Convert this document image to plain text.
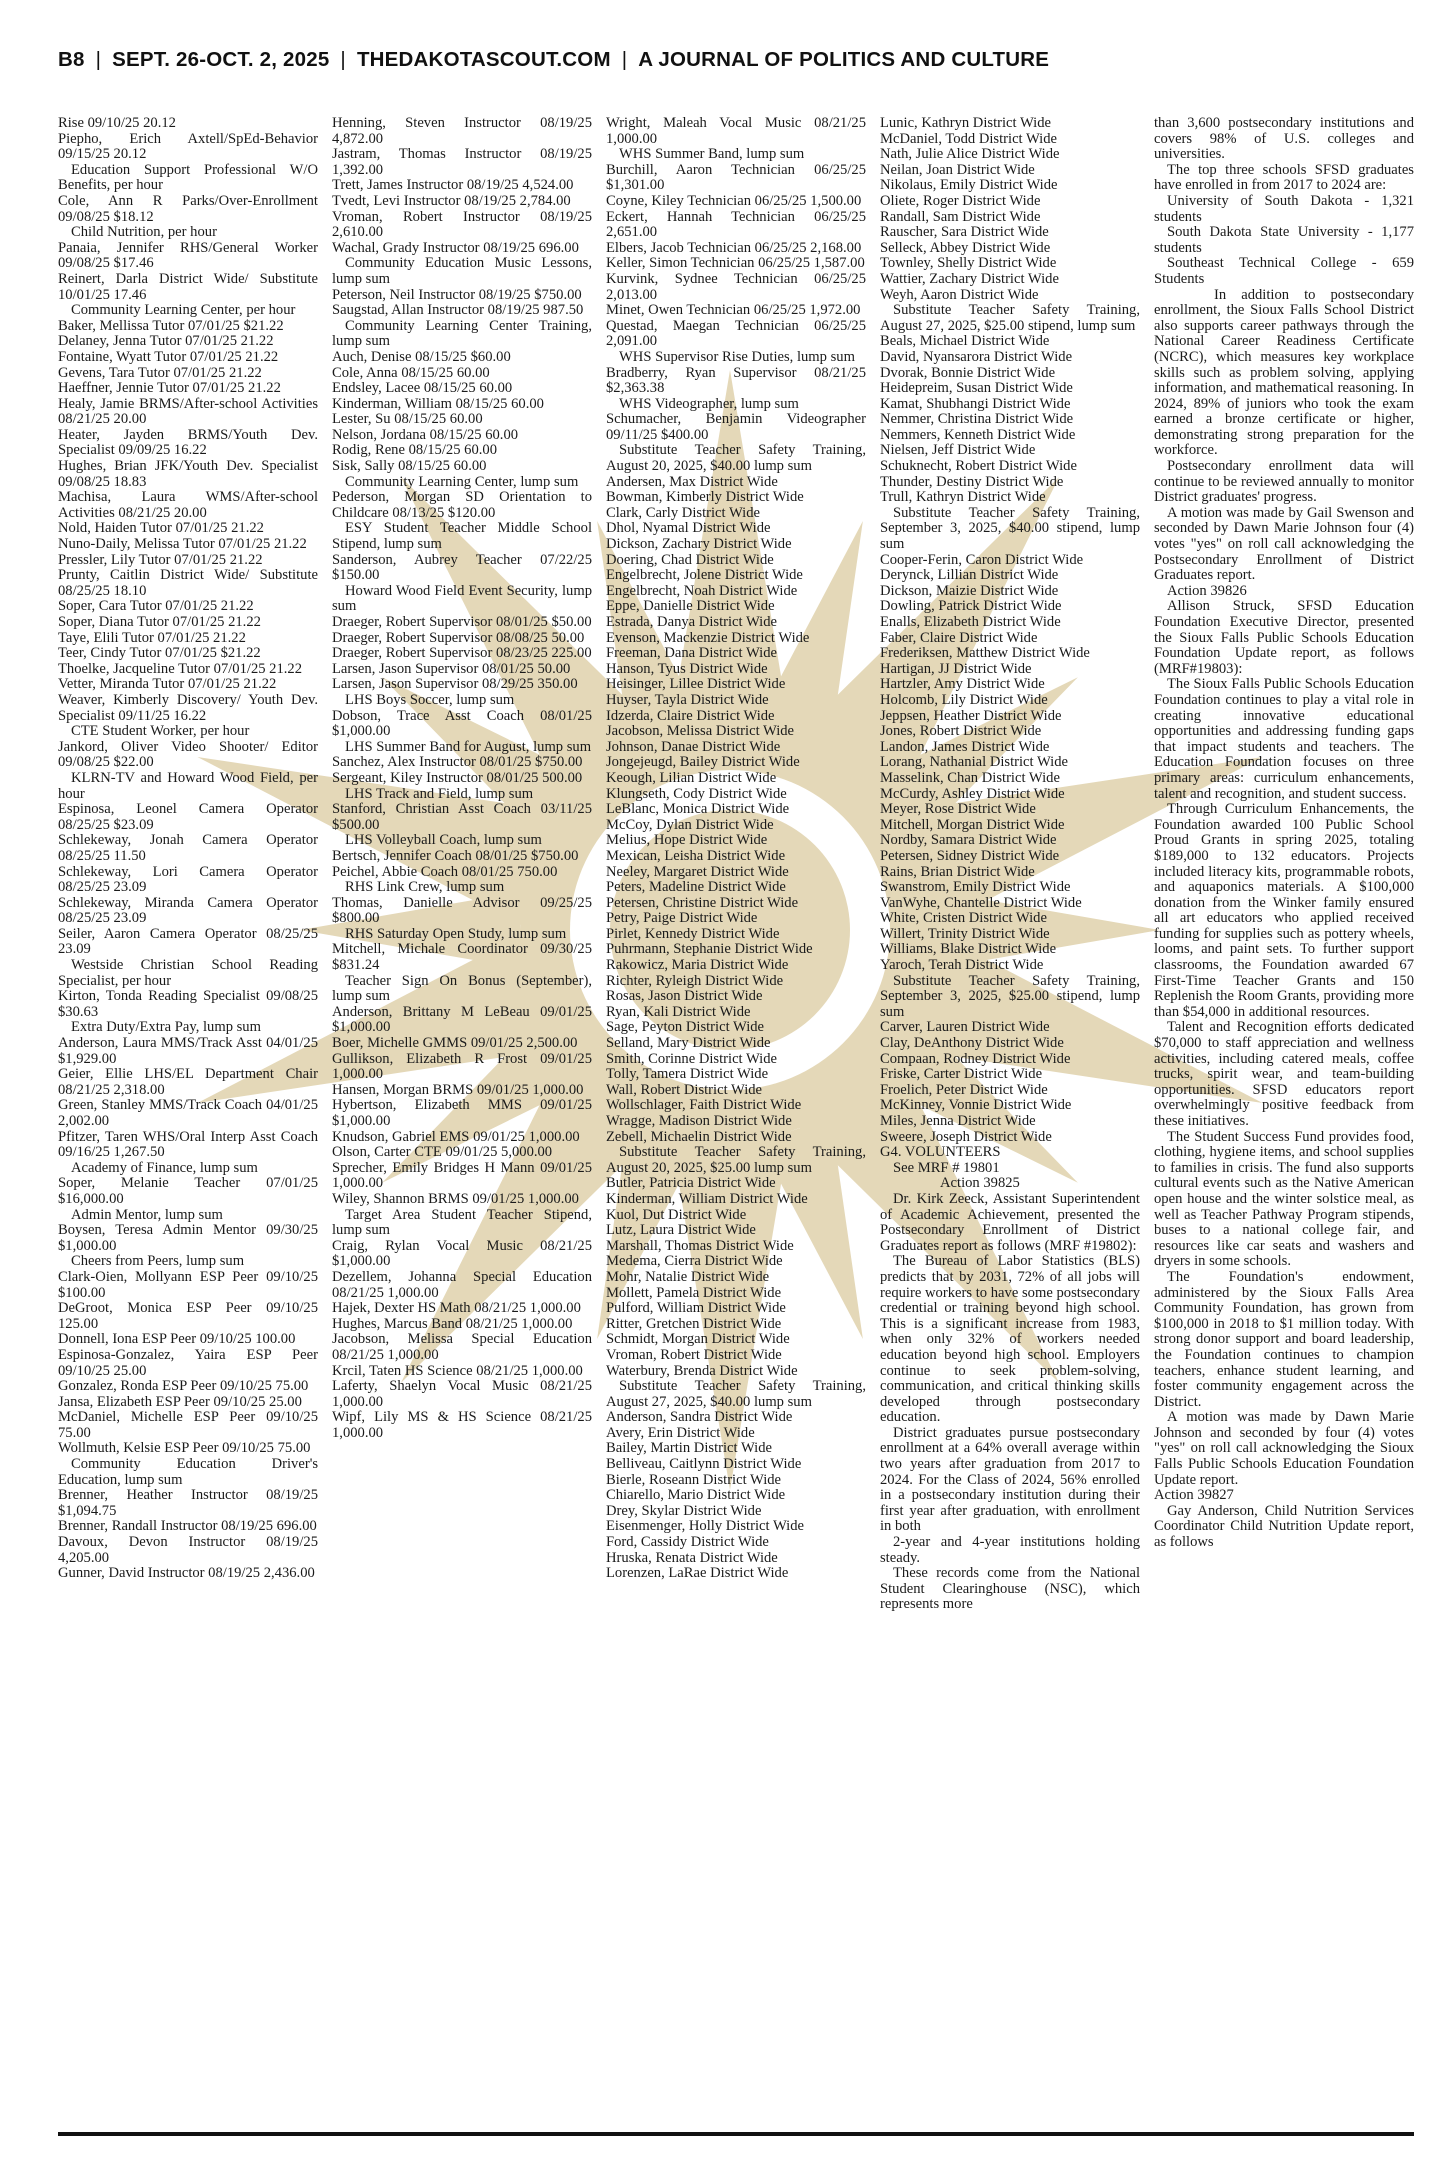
B8 | SEPT. 26-OCT. 2, 2025 | THEDAKOTASCOUT.COM | A JOURNAL OF POLITICS AND CULTURE

Rise 09/10/25 20.12

Piepho, Erich Axtell/SpEd-Behavior 09/15/25 20.12

Education Support Professional W/O Benefits, per hour

Cole, Ann R Parks/Over-Enrollment 09/08/25 $18.12

Child Nutrition, per hour

Panaia, Jennifer RHS/General Worker 09/08/25 $17.46

Reinert, Darla District Wide/ Substitute 10/01/25 17.46

Community Learning Center, per hour

Baker, Mellissa Tutor 07/01/25 $21.22

Delaney, Jenna Tutor 07/01/25 21.22

Fontaine, Wyatt Tutor 07/01/25 21.22

Gevens, Tara Tutor 07/01/25 21.22

Haeffner, Jennie Tutor 07/01/25 21.22

Healy, Jamie BRMS/After-school Activities 08/21/25 20.00

Heater, Jayden BRMS/Youth Dev. Specialist 09/09/25 16.22

Hughes, Brian JFK/Youth Dev. Specialist 09/08/25 18.83

Machisa, Laura WMS/After-school Activities 08/21/25 20.00

Nold, Haiden Tutor 07/01/25 21.22

Nuno-Daily, Melissa Tutor 07/01/25 21.22

Pressler, Lily Tutor 07/01/25 21.22

Prunty, Caitlin District Wide/ Substitute 08/25/25 18.10

Soper, Cara Tutor 07/01/25 21.22

Soper, Diana Tutor 07/01/25 21.22

Taye, Elili Tutor 07/01/25 21.22

Teer, Cindy Tutor 07/01/25 $21.22

Thoelke, Jacqueline Tutor 07/01/25 21.22

Vetter, Miranda Tutor 07/01/25 21.22

Weaver, Kimberly Discovery/ Youth Dev. Specialist 09/11/25 16.22

CTE Student Worker, per hour

Jankord, Oliver Video Shooter/ Editor 09/08/25 $22.00

KLRN-TV and Howard Wood Field, per hour

Espinosa, Leonel Camera Operator 08/25/25 $23.09

Schlekeway, Jonah Camera Operator 08/25/25 11.50

Schlekeway, Lori Camera Operator 08/25/25 23.09

Schlekeway, Miranda Camera Operator 08/25/25 23.09

Seiler, Aaron Camera Operator 08/25/25 23.09

Westside Christian School Reading Specialist, per hour

Kirton, Tonda Reading Specialist 09/08/25 $30.63

Extra Duty/Extra Pay, lump sum

Anderson, Laura MMS/Track Asst 04/01/25 $1,929.00

Geier, Ellie LHS/EL Department Chair 08/21/25 2,318.00

Green, Stanley MMS/Track Coach 04/01/25 2,002.00

Pfitzer, Taren WHS/Oral Interp Asst Coach 09/16/25 1,267.50

Academy of Finance, lump sum

Soper, Melanie Teacher 07/01/25 $16,000.00

Admin Mentor, lump sum

Boysen, Teresa Admin Mentor 09/30/25 $1,000.00

Cheers from Peers, lump sum

Clark-Oien, Mollyann ESP Peer 09/10/25 $100.00

DeGroot, Monica ESP Peer 09/10/25 125.00

Donnell, Iona ESP Peer 09/10/25 100.00

Espinosa-Gonzalez, Yaira ESP Peer 09/10/25 25.00

Gonzalez, Ronda ESP Peer 09/10/25 75.00

Jansa, Elizabeth ESP Peer 09/10/25 25.00

McDaniel, Michelle ESP Peer 09/10/25 75.00

Wollmuth, Kelsie ESP Peer 09/10/25 75.00

Community Education Driver's Education, lump sum

Brenner, Heather Instructor 08/19/25 $1,094.75

Brenner, Randall Instructor 08/19/25 696.00

Davoux, Devon Instructor 08/19/25 4,205.00

Gunner, David Instructor 08/19/25 2,436.00

Henning, Steven Instructor 08/19/25 4,872.00

Jastram, Thomas Instructor 08/19/25 1,392.00

Trett, James Instructor 08/19/25 4,524.00

Tvedt, Levi Instructor 08/19/25 2,784.00

Vroman, Robert Instructor 08/19/25 2,610.00

Wachal, Grady Instructor 08/19/25 696.00

Community Education Music Lessons, lump sum

Peterson, Neil Instructor 08/19/25 $750.00

Saugstad, Allan Instructor 08/19/25 987.50

Community Learning Center Training, lump sum

Auch, Denise 08/15/25 $60.00

Cole, Anna 08/15/25 60.00

Endsley, Lacee 08/15/25 60.00

Kinderman, William 08/15/25 60.00

Lester, Su 08/15/25 60.00

Nelson, Jordana 08/15/25 60.00

Rodig, Rene 08/15/25 60.00

Sisk, Sally 08/15/25 60.00

Community Learning Center, lump sum

Pederson, Morgan SD Orientation to Childcare 08/13/25 $120.00

ESY Student Teacher Middle School Stipend, lump sum

Sanderson, Aubrey Teacher 07/22/25 $150.00

Howard Wood Field Event Security, lump sum

Draeger, Robert Supervisor 08/01/25 $50.00

Draeger, Robert Supervisor 08/08/25 50.00

Draeger, Robert Supervisor 08/23/25 225.00

Larsen, Jason Supervisor 08/01/25 50.00

Larsen, Jason Supervisor 08/29/25 350.00

LHS Boys Soccer, lump sum

Dobson, Trace Asst Coach 08/01/25 $1,000.00

LHS Summer Band for August, lump sum

Sanchez, Alex Instructor 08/01/25 $750.00

Sergeant, Kiley Instructor 08/01/25 500.00

LHS Track and Field, lump sum

Stanford, Christian Asst Coach 03/11/25 $500.00

LHS Volleyball Coach, lump sum

Bertsch, Jennifer Coach 08/01/25 $750.00

Peichel, Abbie Coach 08/01/25 750.00

RHS Link Crew, lump sum

Thomas, Danielle Advisor 09/25/25 $800.00

RHS Saturday Open Study, lump sum

Mitchell, Michale Coordinator 09/30/25 $831.24

Teacher Sign On Bonus (September), lump sum

Anderson, Brittany M LeBeau 09/01/25 $1,000.00

Boer, Michelle GMMS 09/01/25 2,500.00

Gullikson, Elizabeth R Frost 09/01/25 1,000.00

Hansen, Morgan BRMS 09/01/25 1,000.00

Hybertson, Elizabeth MMS 09/01/25 $1,000.00

Knudson, Gabriel EMS 09/01/25 1,000.00

Olson, Carter CTE 09/01/25 5,000.00

Sprecher, Emily Bridges H Mann 09/01/25 1,000.00

Wiley, Shannon BRMS 09/01/25 1,000.00

Target Area Student Teacher Stipend, lump sum

Craig, Rylan Vocal Music 08/21/25 $1,000.00

Dezellem, Johanna Special Education 08/21/25 1,000.00

Hajek, Dexter HS Math 08/21/25 1,000.00

Hughes, Marcus Band 08/21/25 1,000.00

Jacobson, Melissa Special Education 08/21/25 1,000.00

Krcil, Taten HS Science 08/21/25 1,000.00

Laferty, Shaelyn Vocal Music 08/21/25 1,000.00

Wipf, Lily MS & HS Science 08/21/25 1,000.00

Wright, Maleah Vocal Music 08/21/25 1,000.00

WHS Summer Band, lump sum

Burchill, Aaron Technician 06/25/25 $1,301.00

Coyne, Kiley Technician 06/25/25 1,500.00

Eckert, Hannah Technician 06/25/25 2,651.00

Elbers, Jacob Technician 06/25/25 2,168.00

Keller, Simon Technician 06/25/25 1,587.00

Kurvink, Sydnee Technician 06/25/25 2,013.00

Minet, Owen Technician 06/25/25 1,972.00

Questad, Maegan Technician 06/25/25 2,091.00

WHS Supervisor Rise Duties, lump sum

Bradberry, Ryan Supervisor 08/21/25 $2,363.38

WHS Videographer, lump sum

Schumacher, Benjamin Videographer 09/11/25 $400.00

Substitute Teacher Safety Training, August 20, 2025, $40.00 lump sum

Andersen, Max District Wide

Bowman, Kimberly District Wide

Clark, Carly District Wide

Dhol, Nyamal District Wide

Dickson, Zachary District Wide

Doering, Chad District Wide

Engelbrecht, Jolene District Wide

Engelbrecht, Noah District Wide

Eppe, Danielle District Wide

Estrada, Danya District Wide

Evenson, Mackenzie District Wide

Freeman, Dana District Wide

Hanson, Tyus District Wide

Heisinger, Lillee District Wide

Huyser, Tayla District Wide

Idzerda, Claire District Wide

Jacobson, Melissa District Wide

Johnson, Danae District Wide

Jongejeugd, Bailey District Wide

Keough, Lilian District Wide

Klungseth, Cody District Wide

LeBlanc, Monica District Wide

McCoy, Dylan District Wide

Melius, Hope District Wide

Mexican, Leisha District Wide

Neeley, Margaret District Wide

Peters, Madeline District Wide

Petersen, Christine District Wide

Petry, Paige District Wide

Pirlet, Kennedy District Wide

Puhrmann, Stephanie District Wide

Rakowicz, Maria District Wide

Richter, Ryleigh District Wide

Rosas, Jason District Wide

Ryan, Kali District Wide

Sage, Peyton District Wide

Selland, Mary District Wide

Smith, Corinne District Wide

Tolly, Tamera District Wide

Wall, Robert District Wide

Wollschlager, Faith District Wide

Wragge, Madison District Wide

Zebell, Michaelin District Wide

Substitute Teacher Safety Training, August 20, 2025, $25.00 lump sum

Butler, Patricia District Wide

Kinderman, William District Wide

Kuol, Dut District Wide

Lutz, Laura District Wide

Marshall, Thomas District Wide

Medema, Cierra District Wide

Mohr, Natalie District Wide

Mollett, Pamela District Wide

Pulford, William District Wide

Ritter, Gretchen District Wide

Schmidt, Morgan District Wide

Vroman, Robert District Wide

Waterbury, Brenda District Wide

Substitute Teacher Safety Training, August 27, 2025, $40.00 lump sum

Anderson, Sandra District Wide

Avery, Erin District Wide

Bailey, Martin District Wide

Belliveau, Caitlynn District Wide

Bierle, Roseann District Wide

Chiarello, Mario District Wide

Drey, Skylar District Wide

Eisenmenger, Holly District Wide

Ford, Cassidy District Wide

Hruska, Renata District Wide

Lorenzen, LaRae District Wide

Lunic, Kathryn District Wide

McDaniel, Todd District Wide

Nath, Julie Alice District Wide

Neilan, Joan District Wide

Nikolaus, Emily District Wide

Oliete, Roger District Wide

Randall, Sam District Wide

Rauscher, Sara District Wide

Selleck, Abbey District Wide

Townley, Shelly District Wide

Wattier, Zachary District Wide

Weyh, Aaron District Wide

Substitute Teacher Safety Training, August 27, 2025, $25.00 stipend, lump sum

Beals, Michael District Wide

David, Nyansarora District Wide

Dvorak, Bonnie District Wide

Heidepreim, Susan District Wide

Kamat, Shubhangi District Wide

Nemmer, Christina District Wide

Nemmers, Kenneth District Wide

Nielsen, Jeff District Wide

Schuknecht, Robert District Wide

Thunder, Destiny District Wide

Trull, Kathryn District Wide

Substitute Teacher Safety Training, September 3, 2025, $40.00 stipend, lump sum

Cooper-Ferin, Caron District Wide

Derynck, Lillian District Wide

Dickson, Maizie District Wide

Dowling, Patrick District Wide

Enalls, Elizabeth District Wide

Faber, Claire District Wide

Frederiksen, Matthew District Wide

Hartigan, JJ District Wide

Hartzler, Amy District Wide

Holcomb, Lily District Wide

Jeppsen, Heather District Wide

Jones, Robert District Wide

Landon, James District Wide

Lorang, Nathanial District Wide

Masselink, Chan District Wide

McCurdy, Ashley District Wide

Meyer, Rose District Wide

Mitchell, Morgan District Wide

Nordby, Samara District Wide

Petersen, Sidney District Wide

Rains, Brian District Wide

Swanstrom, Emily District Wide

VanWyhe, Chantelle District Wide

White, Cristen District Wide

Willert, Trinity District Wide

Williams, Blake District Wide

Yaroch, Terah District Wide

Substitute Teacher Safety Training, September 3, 2025, $25.00 stipend, lump sum

Carver, Lauren District Wide

Clay, DeAnthony District Wide

Compaan, Rodney District Wide

Friske, Carter District Wide

Froelich, Peter District Wide

McKinney, Vonnie District Wide

Miles, Jenna District Wide

Sweere, Joseph District Wide

G4. VOLUNTEERS

See MRF # 19801

Action 39825

Dr. Kirk Zeeck, Assistant Superintendent of Academic Achievement, presented the Postsecondary Enrollment of District Graduates report as follows (MRF #19802):

The Bureau of Labor Statistics (BLS) predicts that by 2031, 72% of all jobs will require workers to have some postsecondary credential or training beyond high school. This is a significant increase from 1983, when only 32% of workers needed education beyond high school. Employers continue to seek problem-solving, communication, and critical thinking skills developed through postsecondary education.

District graduates pursue postsecondary enrollment at a 64% overall average within two years after graduation from 2017 to 2024. For the Class of 2024, 56% enrolled in a postsecondary institution during their first year after graduation, with enrollment in both

2-year and 4-year institutions holding steady.

These records come from the National Student Clearinghouse (NSC), which represents more

than 3,600 postsecondary institutions and covers 98% of U.S. colleges and universities.

The top three schools SFSD graduates have enrolled in from 2017 to 2024 are:

University of South Dakota - 1,321 students

South Dakota State University - 1,177 students

Southeast Technical College - 659 Students

In addition to postsecondary enrollment, the Sioux Falls School District also supports career pathways through the National Career Readiness Certificate (NCRC), which measures key workplace skills such as problem solving, applying information, and mathematical reasoning. In 2024, 89% of juniors who took the exam earned a bronze certificate or higher, demonstrating strong preparation for the workforce.

Postsecondary enrollment data will continue to be reviewed annually to monitor District graduates' progress.

A motion was made by Gail Swenson and seconded by Dawn Marie Johnson four (4) votes "yes" on roll call acknowledging the Postsecondary Enrollment of District Graduates report.

Action 39826

Allison Struck, SFSD Education Foundation Executive Director, presented the Sioux Falls Public Schools Education Foundation Update report, as follows (MRF#19803):

The Sioux Falls Public Schools Education Foundation continues to play a vital role in creating innovative educational opportunities and addressing funding gaps that impact students and teachers. The Education Foundation focuses on three primary areas: curriculum enhancements, talent and recognition, and student success.

Through Curriculum Enhancements, the Foundation awarded 100 Public School Proud Grants in spring 2025, totaling $189,000 to 132 educators. Projects included literacy kits, programmable robots, and aquaponics materials. A $100,000 donation from the Winker family ensured all art educators who applied received funding for supplies such as pottery wheels, looms, and paint sets. To further support classrooms, the Foundation awarded 67 First-Time Teacher Grants and 150 Replenish the Room Grants, providing more than $54,000 in additional resources.

Talent and Recognition efforts dedicated $70,000 to staff appreciation and wellness activities, including catered meals, coffee trucks, spirit wear, and team-building opportunities. SFSD educators report overwhelmingly positive feedback from these initiatives.

The Student Success Fund provides food, clothing, hygiene items, and school supplies to families in crisis. The fund also supports cultural events such as the Native American open house and the winter solstice meal, as well as Teacher Pathway Program stipends, buses to a national college fair, and resources like car seats and washers and dryers in some schools.

The Foundation's endowment, administered by the Sioux Falls Area Community Foundation, has grown from $100,000 in 2018 to $1 million today. With strong donor support and board leadership, the Foundation continues to champion teachers, enhance student learning, and foster community engagement across the District.

A motion was made by Dawn Marie Johnson and seconded by four (4) votes "yes" on roll call acknowledging the Sioux Falls Public Schools Education Foundation Update report.

Action 39827

Gay Anderson, Child Nutrition Services Coordinator Child Nutrition Update report, as follows
